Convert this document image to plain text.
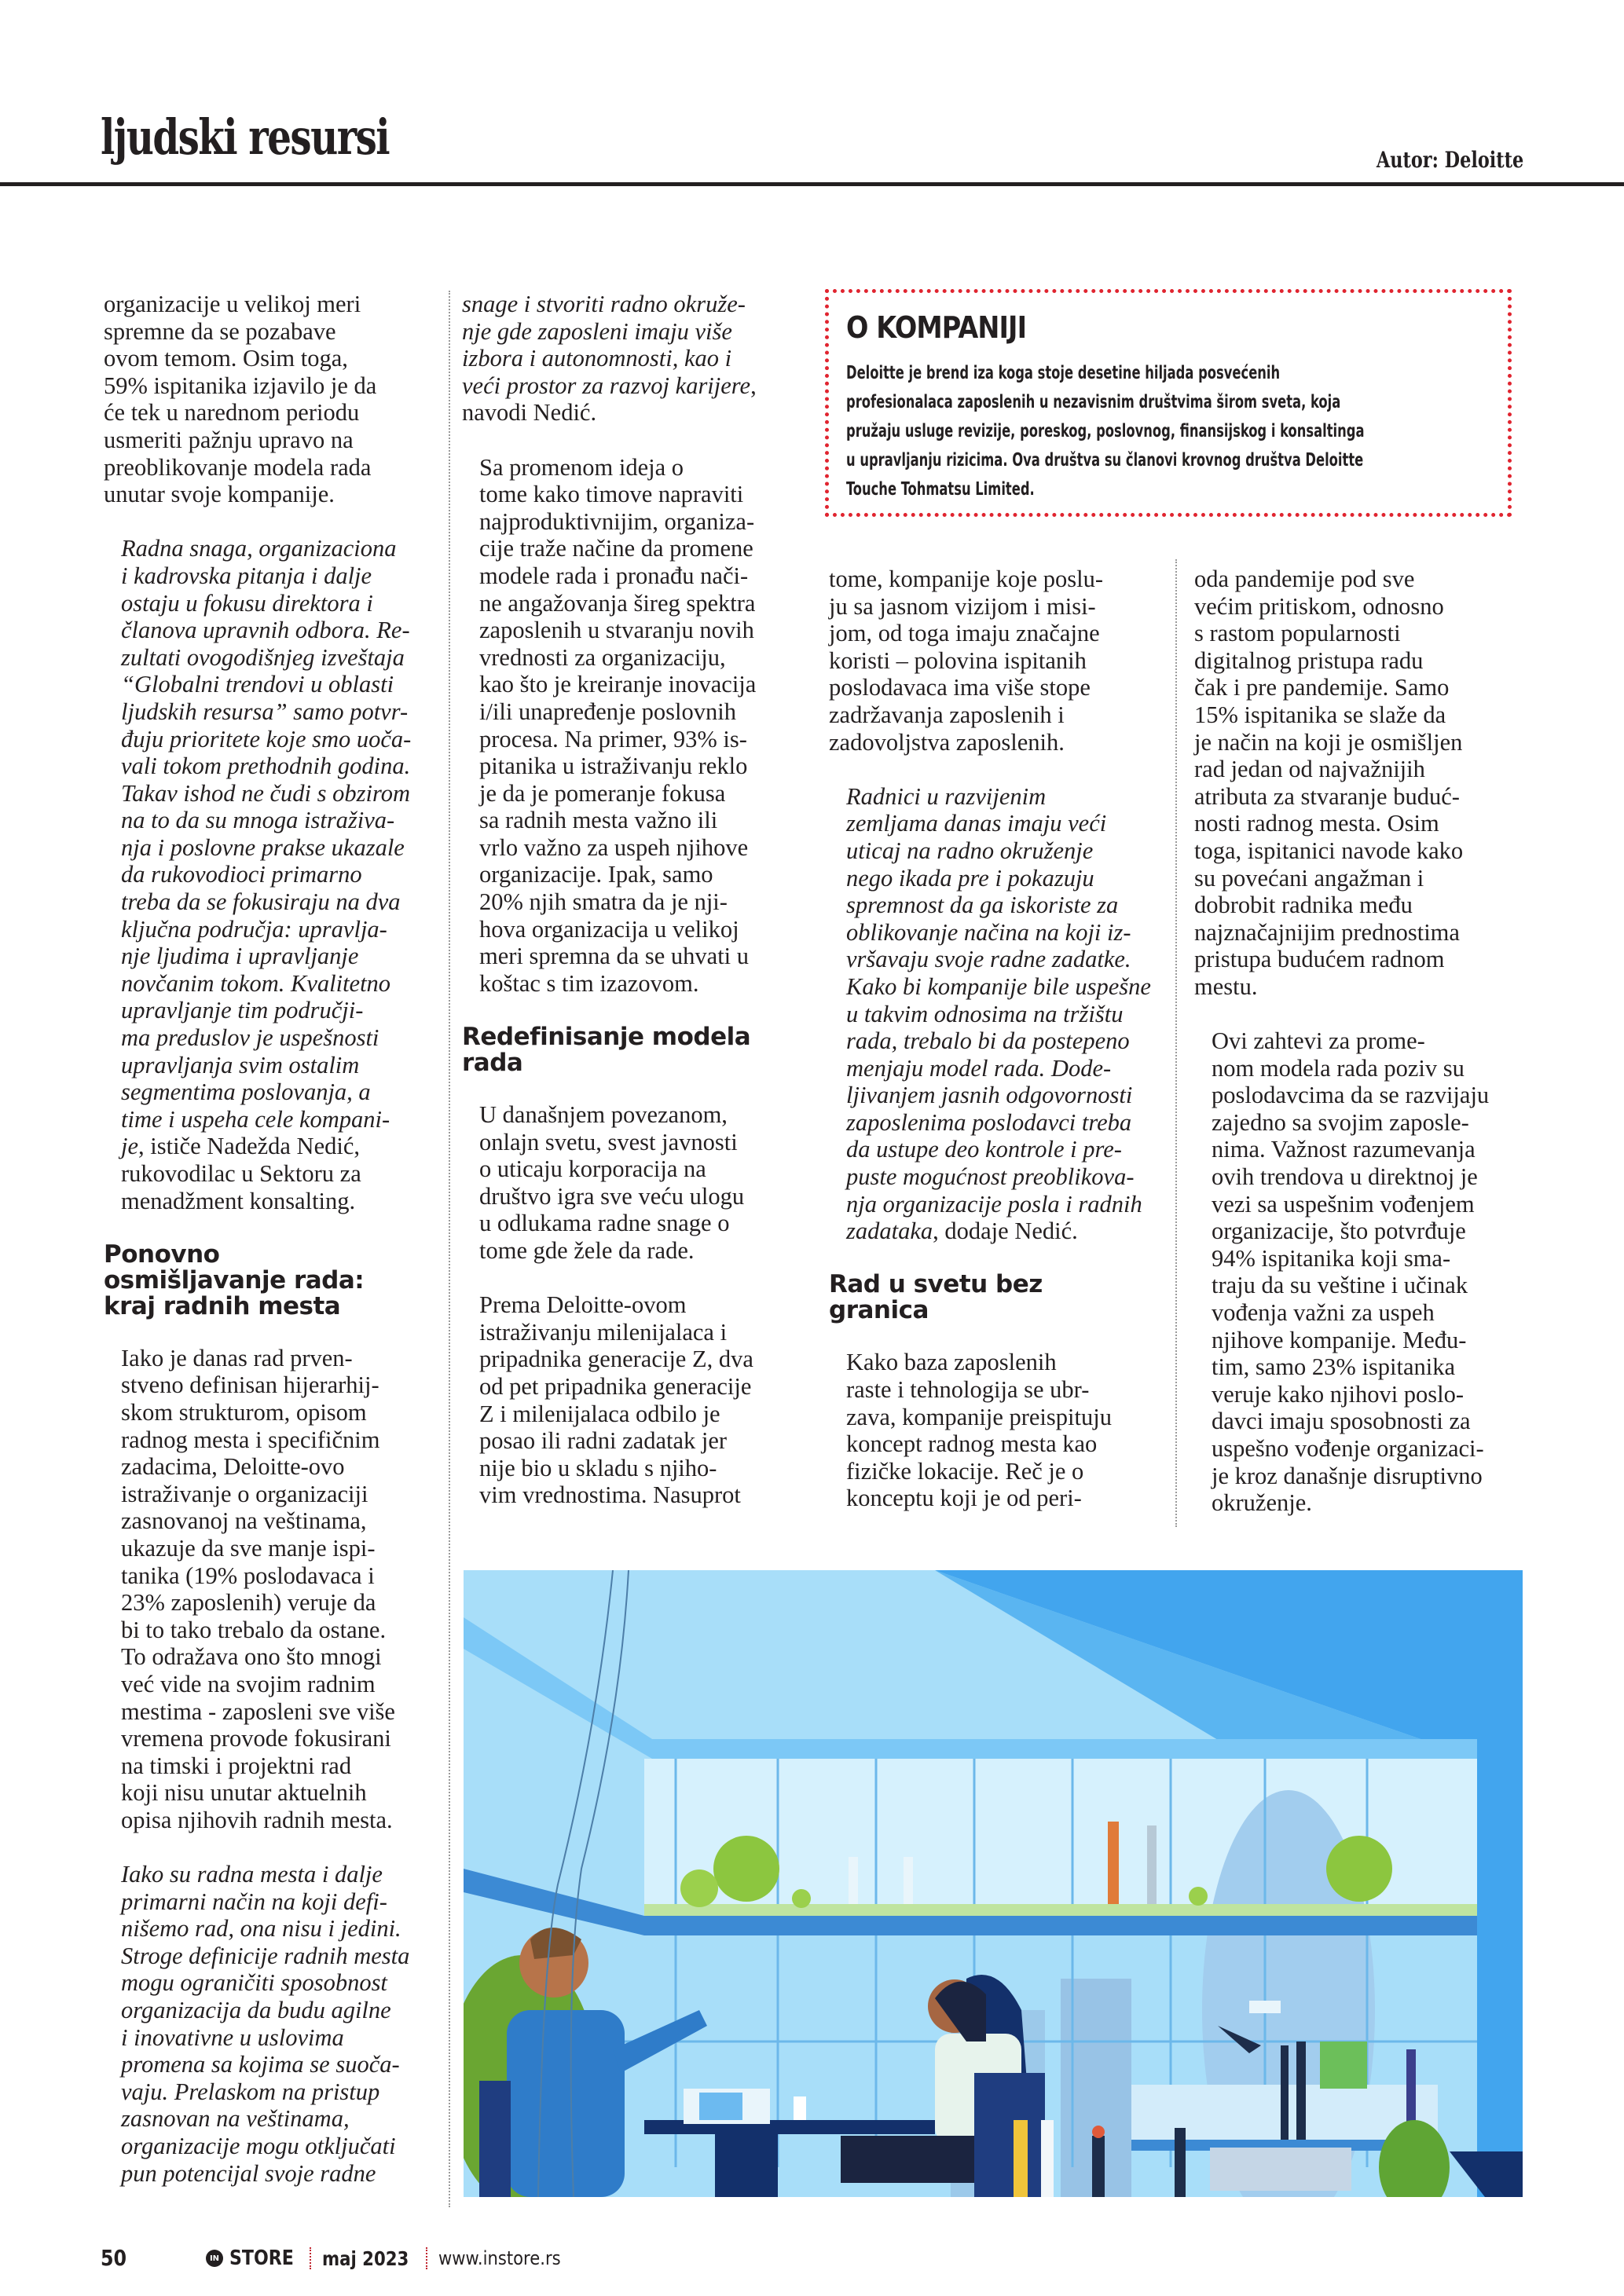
ljudski resursi	Autor: Deloitte
O KOMPANIJI
Deloitte je brend iza koga stoje desetine hiljada posvećenih
profesionalaca zaposlenih u nezavisnim društvima širom sveta, koja
pružaju usluge revizije, poreskog, poslovnog, finansijskog i konsaltinga
u upravljanju rizicima. Ova društva su članovi krovnog društva Deloitte
Touche Tohmatsu Limited.

organizacije u velikoj meri
spremne da se pozabave
ovom temom. Osim toga,
59% ispitanika izjavilo je da
će tek u narednom periodu
usmeriti pažnju upravo na
preoblikovanje modela rada
unutar svoje kompanije.

Radna snaga, organizaciona
i kadrovska pitanja i dalje
ostaju u fokusu direktora i
članova upravnih odbora. Re-
zultati ovogodišnjeg izveštaja
“Globalni trendovi u oblasti
ljudskih resursa” samo potvr-
đuju prioritete koje smo uoča-
vali tokom prethodnih godina.
Takav ishod ne čudi s obzirom
na to da su mnoga istraživa-
nja i poslovne prakse ukazale
da rukovodioci primarno
treba da se fokusiraju na dva
ključna područja: upravlja-
nje ljudima i upravljanje
novčanim tokom. Kvalitetno
upravljanje tim područji-
ma preduslov je uspešnosti
upravljanja svim ostalim
segmentima poslovanja, a
time i uspeha cele kompani-
je, ističe Nadežda Nedić,
rukovodilac u Sektoru za
menadžment konsalting.

Ponovno
osmišljavanje rada:
kraj radnih mesta

Iako je danas rad prven-
stveno definisan hijerarhij-
skom strukturom, opisom
radnog mesta i specifičnim
zadacima, Deloitte-ovo
istraživanje o organizaciji
zasnovanoj na veštinama,
ukazuje da sve manje ispi-
tanika (19% poslodavaca i
23% zaposlenih) veruje da
bi to tako trebalo da ostane.
To odražava ono što mnogi
već vide na svojim radnim
mestima - zaposleni sve više
vremena provode fokusirani
na timski i projektni rad
koji nisu unutar aktuelnih
opisa njihovih radnih mesta.

Iako su radna mesta i dalje
primarni način na koji defi-
nišemo rad, ona nisu i jedini.
Stroge definicije radnih mesta
mogu ograničiti sposobnost
organizacija da budu agilne
i inovativne u uslovima
promena sa kojima se suoča-
vaju. Prelaskom na pristup
zasnovan na veštinama,
organizacije mogu otključati
pun potencijal svoje radne

snage i stvoriti radno okruže-
nje gde zaposleni imaju više
izbora i autonomnosti, kao i
veći prostor za razvoj karijere,
navodi Nedić.

Sa promenom ideja o
tome kako timove napraviti
najproduktivnijim, organiza-
cije traže načine da promene
modele rada i pronađu nači-
ne angažovanja šireg spektra
zaposlenih u stvaranju novih
vrednosti za organizaciju,
kao što je kreiranje inovacija
i/ili unapređenje poslovnih
procesa. Na primer, 93% is-
pitanika u istraživanju reklo
je da je pomeranje fokusa
sa radnih mesta važno ili
vrlo važno za uspeh njihove
organizacije. Ipak, samo
20% njih smatra da je nji-
hova organizacija u velikoj
meri spremna da se uhvati u
koštac s tim izazovom.

Redefinisanje modela
rada

U današnjem povezanom,
onlajn svetu, svest javnosti
o uticaju korporacija na
društvo igra sve veću ulogu
u odlukama radne snage o
tome gde žele da rade.

Prema Deloitte-ovom
istraživanju milenijalaca i
pripadnika generacije Z, dva
od pet pripadnika generacije
Z i milenijalaca odbilo je
posao ili radni zadatak jer
nije bio u skladu s njiho-
vim vrednostima. Nasuprot

tome, kompanije koje poslu-
ju sa jasnom vizijom i misi-
jom, od toga imaju značajne
koristi – polovina ispitanih
poslodavaca ima više stope
zadržavanja zaposlenih i
zadovoljstva zaposlenih.

Radnici u razvijenim
zemljama danas imaju veći
uticaj na radno okruženje
nego ikada pre i pokazuju
spremnost da ga iskoriste za
oblikovanje načina na koji iz-
vršavaju svoje radne zadatke.
Kako bi kompanije bile uspešne
u takvim odnosima na tržištu
rada, trebalo bi da postepeno
menjaju model rada. Dode-
ljivanjem jasnih odgovornosti
zaposlenima poslodavci treba
da ustupe deo kontrole i pre-
puste mogućnost preoblikova-
nja organizacije posla i radnih
zadataka, dodaje Nedić.

Rad u svetu bez
granica

Kako baza zaposlenih
raste i tehnologija se ubr-
zava, kompanije preispituju
koncept radnog mesta kao
fizičke lokacije. Reč je o
konceptu koji je od peri-

oda pandemije pod sve
većim pritiskom, odnosno
s rastom popularnosti
digitalnog pristupa radu
čak i pre pandemije. Samo
15% ispitanika se slaže da
je način na koji je osmišljen
rad jedan od najvažnijih
atributa za stvaranje buduć-
nosti radnog mesta. Osim
toga, ispitanici navode kako
su povećani angažman i
dobrobit radnika među
najznačajnijim prednostima
pristupa budućem radnom
mestu.

Ovi zahtevi za prome-
nom modela rada poziv su
poslodavcima da se razvijaju
zajedno sa svojim zaposle-
nima. Važnost razumevanja
ovih trendova u direktnoj je
vezi sa uspešnim vođenjem
organizacije, što potvrđuje
94% ispitanika koji sma-
traju da su veštine i učinak
vođenja važni za uspeh
njihove kompanije. Među-
tim, samo 23% ispitanika
veruje kako njihovi poslo-
davci imaju sposobnosti za
uspešno vođenje organizaci-
je kroz današnje disruptivno
okruženje.

50	IN STORE maj 2023 www.instore.rs
